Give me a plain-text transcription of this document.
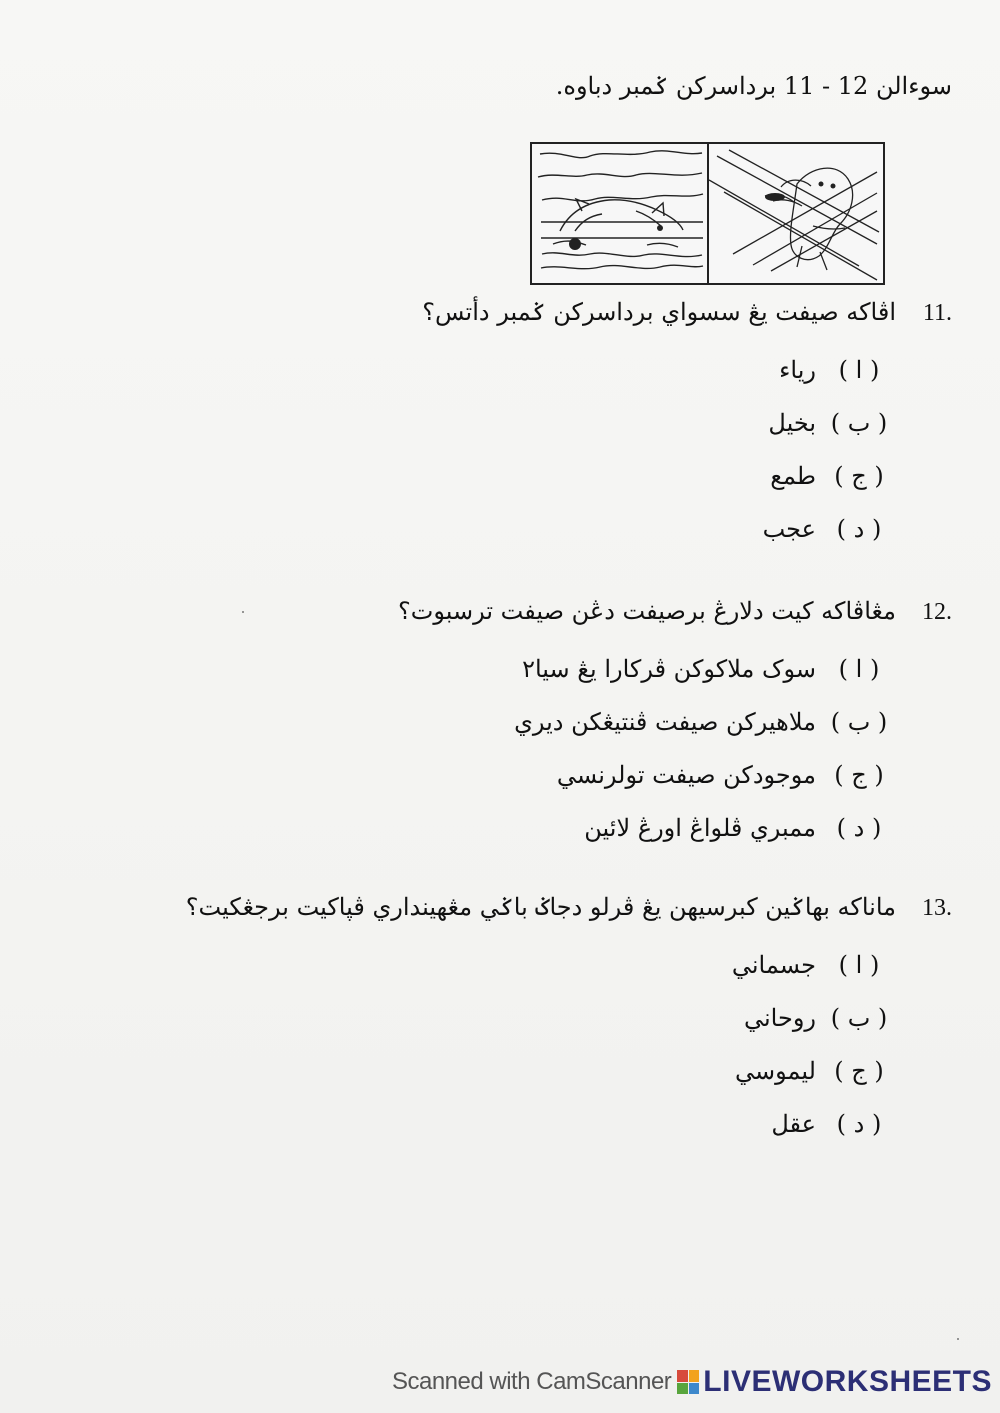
سوءالن 12 - 11 برداسرکن ݢمبر دباوه.
11.
اڤاکه صيفت يڠ سسواي برداسرکن ݢمبر دأتس؟
( ا )
رياء
( ب )
بخيل
( ج )
طمع
( د )
عجب
12.
مڠاڤاکه کيت دلارڠ برصيفت دڠن صيفت ترسبوت؟
( ا )
سوک ملاکوکن ڤرکارا يڠ سيا٢
( ب )
ملاهيرکن صيفت ڤنتيڠکن ديري
( ج )
موجودکن صيفت تولرنسي
( د )
ممبري ڤلواڠ اورڠ لائين
13.
ماناکه بهاݢين کبرسيهن يڠ ڤرلو دجاݢ باݢي مڠهينداري ڤڽاکيت برجڠکيت؟
( ا )
جسماني
( ب )
روحاني
( ج )
ليموسي
( د )
عقل
Scanned with CamScanner LIVEWORKSHEETS
